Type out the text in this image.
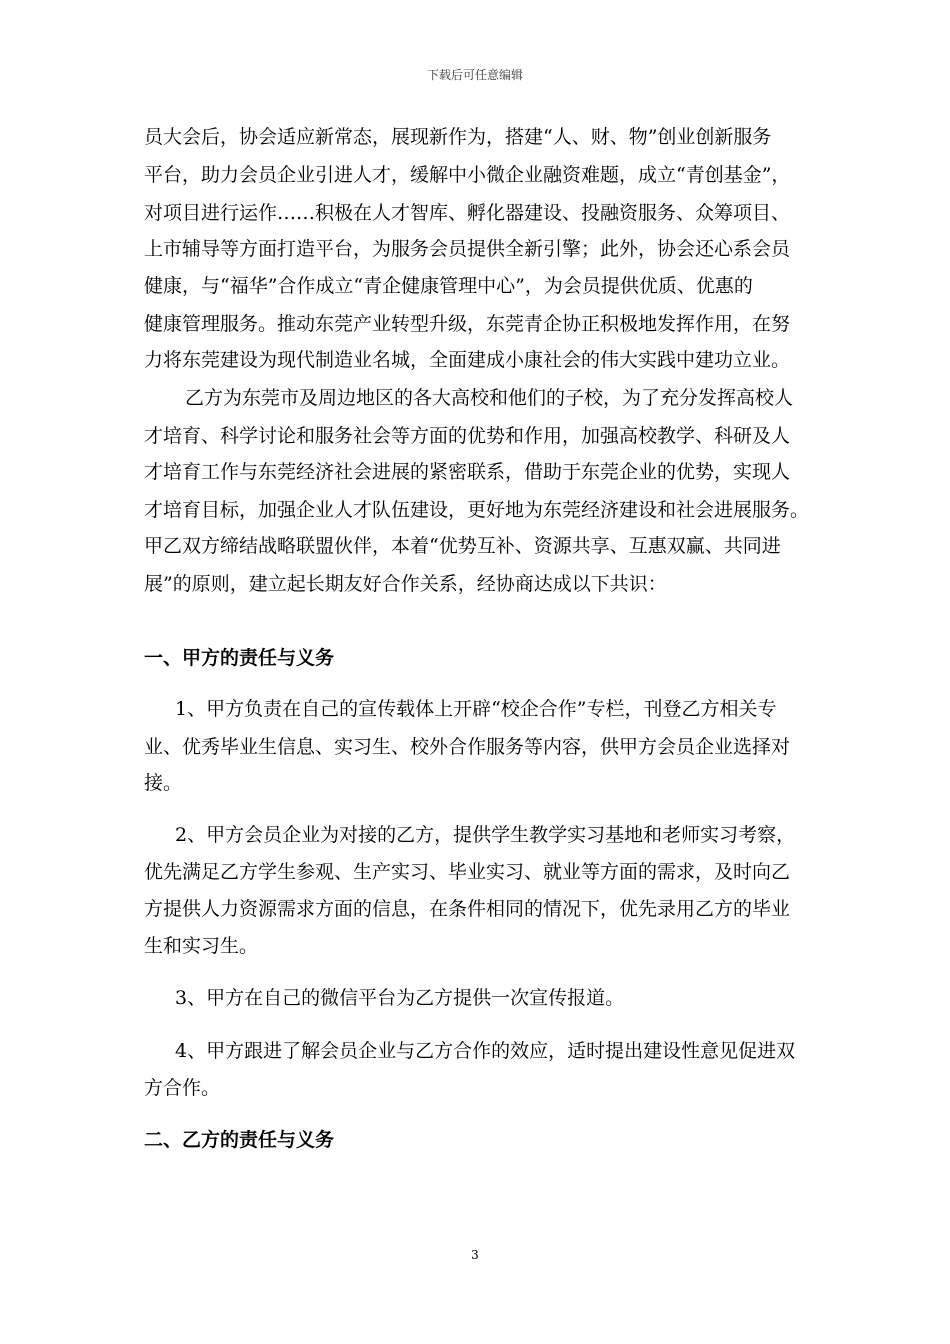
下载后可任意编辑
员大会后，协会适应新常态，展现新作为，搭建“人、财、物”创业创新服务
平台，助力会员企业引进人才，缓解中小微企业融资难题，成立“青创基金”，
对项目进行运作……积极在人才智库、孵化器建设、投融资服务、众筹项目、
上市辅导等方面打造平台，为服务会员提供全新引擎；此外，协会还心系会员
健康，与“福华”合作成立“青企健康管理中心”，为会员提供优质、优惠的
健康管理服务。推动东莞产业转型升级，东莞青企协正积极地发挥作用，在努
力将东莞建设为现代制造业名城，全面建成小康社会的伟大实践中建功立业。
乙方为东莞市及周边地区的各大高校和他们的子校，为了充分发挥高校人
才培育、科学讨论和服务社会等方面的优势和作用，加强高校教学、科研及人
才培育工作与东莞经济社会进展的紧密联系，借助于东莞企业的优势，实现人
才培育目标，加强企业人才队伍建设，更好地为东莞经济建设和社会进展服务。
甲乙双方缔结战略联盟伙伴，本着“优势互补、资源共享、互惠双赢、共同进
展”的原则，建立起长期友好合作关系，经协商达成以下共识：
一、甲方的责任与义务
1、甲方负责在自己的宣传载体上开辟“校企合作”专栏，刊登乙方相关专
业、优秀毕业生信息、实习生、校外合作服务等内容，供甲方会员企业选择对
接。
2、甲方会员企业为对接的乙方，提供学生教学实习基地和老师实习考察，
优先满足乙方学生参观、生产实习、毕业实习、就业等方面的需求，及时向乙
方提供人力资源需求方面的信息，在条件相同的情况下，优先录用乙方的毕业
生和实习生。
3、甲方在自己的微信平台为乙方提供一次宣传报道。
4、甲方跟进了解会员企业与乙方合作的效应，适时提出建设性意见促进双
方合作。
二、乙方的责任与义务
3
